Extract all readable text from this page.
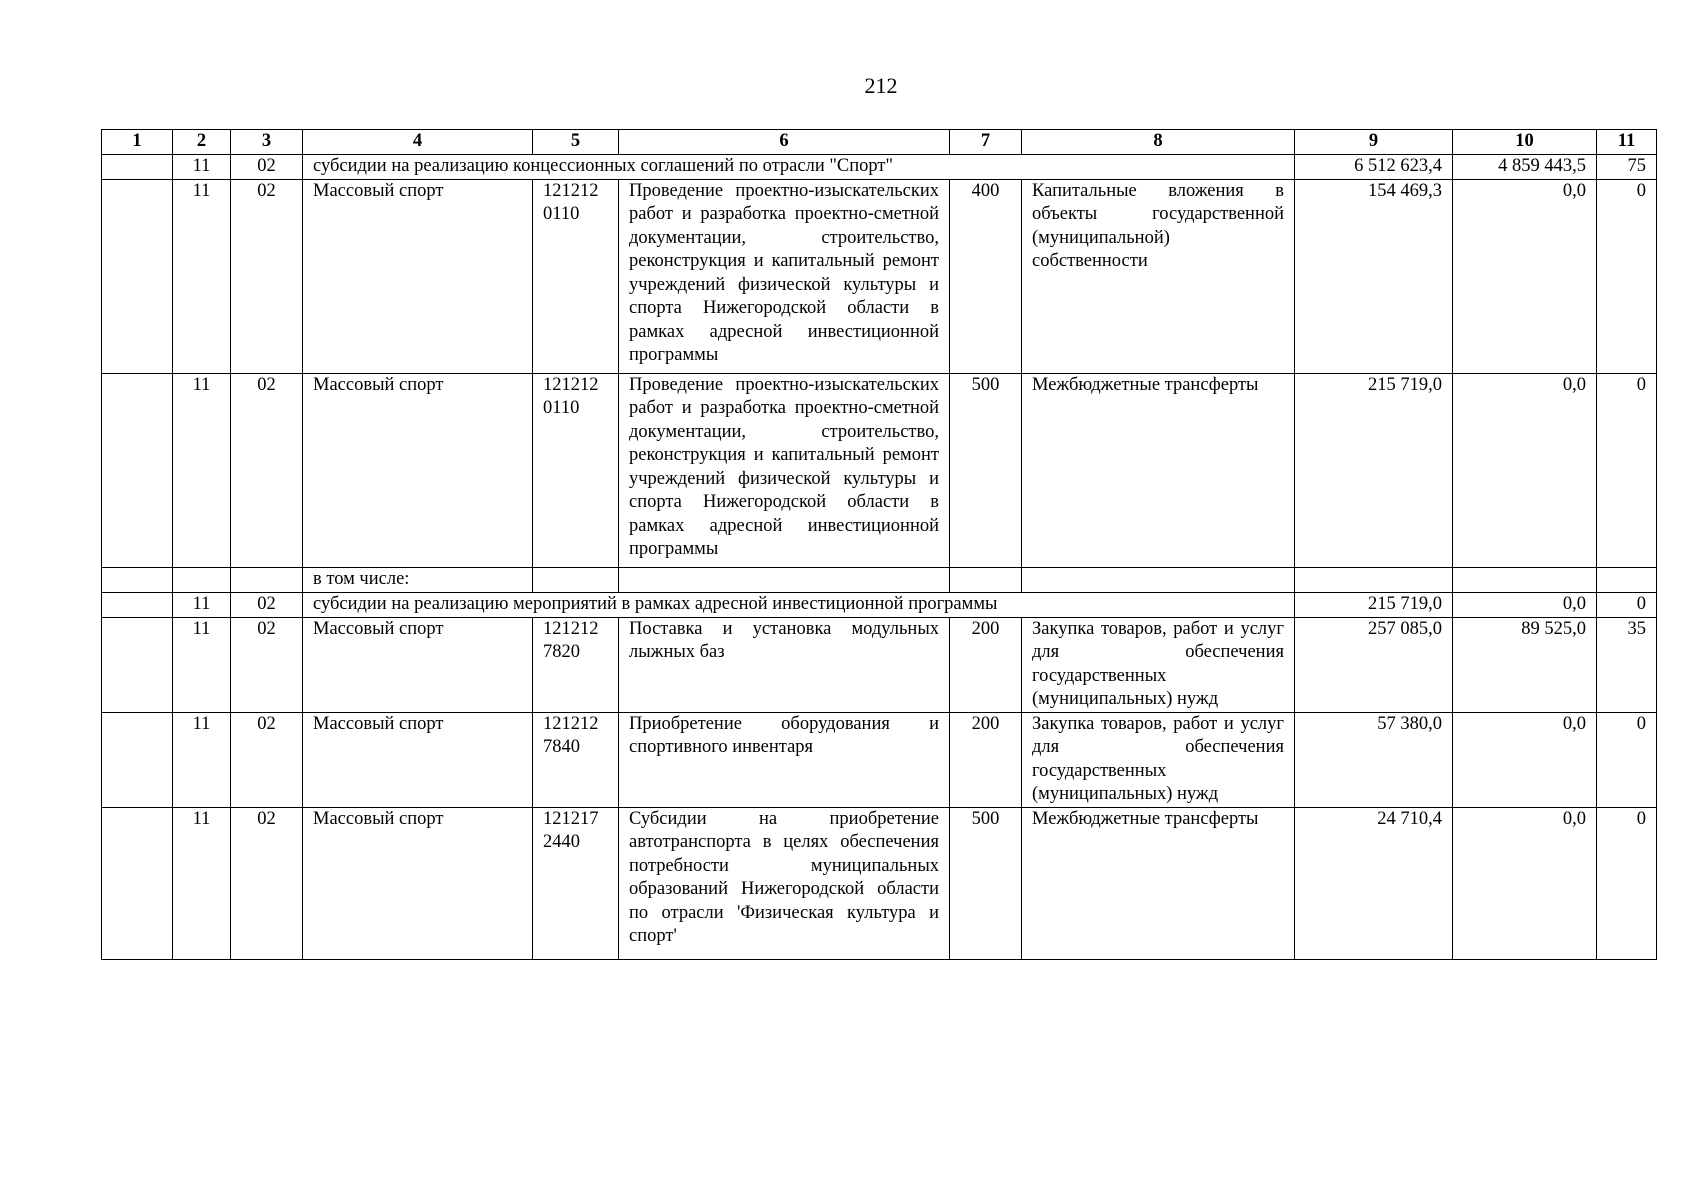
212
1	2	3	4	5	6	7	8	9	10	11
	11	02	субсидии на реализацию концессионных соглашений по отрасли "Спорт"					6 512 623,4	4 859 443,5	75
	11	02	Массовый спорт	121212 0110	Проведение проектно-изыскательских работ и разработка проектно-сметной документации, строительство, реконструкция и капитальный ремонт учреждений физической культуры и спорта Нижегородской области в рамках адресной инвестиционной программы	400	Капитальные вложения в объекты государственной (муниципальной) собственности	154 469,3	0,0	0
	11	02	Массовый спорт	121212 0110	Проведение проектно-изыскательских работ и разработка проектно-сметной документации, строительство, реконструкция и капитальный ремонт учреждений физической культуры и спорта Нижегородской области в рамках адресной инвестиционной программы	500	Межбюджетные трансферты	215 719,0	0,0	0
			в том числе:							
	11	02	субсидии на реализацию мероприятий в рамках адресной инвестиционной программы					215 719,0	0,0	0
	11	02	Массовый спорт	121212 7820	Поставка и установка модульных лыжных баз	200	Закупка товаров, работ и услуг для обеспечения государственных (муниципальных) нужд	257 085,0	89 525,0	35
	11	02	Массовый спорт	121212 7840	Приобретение оборудования и спортивного инвентаря	200	Закупка товаров, работ и услуг для обеспечения государственных (муниципальных) нужд	57 380,0	0,0	0
	11	02	Массовый спорт	121217 2440	Субсидии на приобретение автотранспорта в целях обеспечения потребности муниципальных образований Нижегородской области по отрасли 'Физическая культура и спорт'	500	Межбюджетные трансферты	24 710,4	0,0	0
